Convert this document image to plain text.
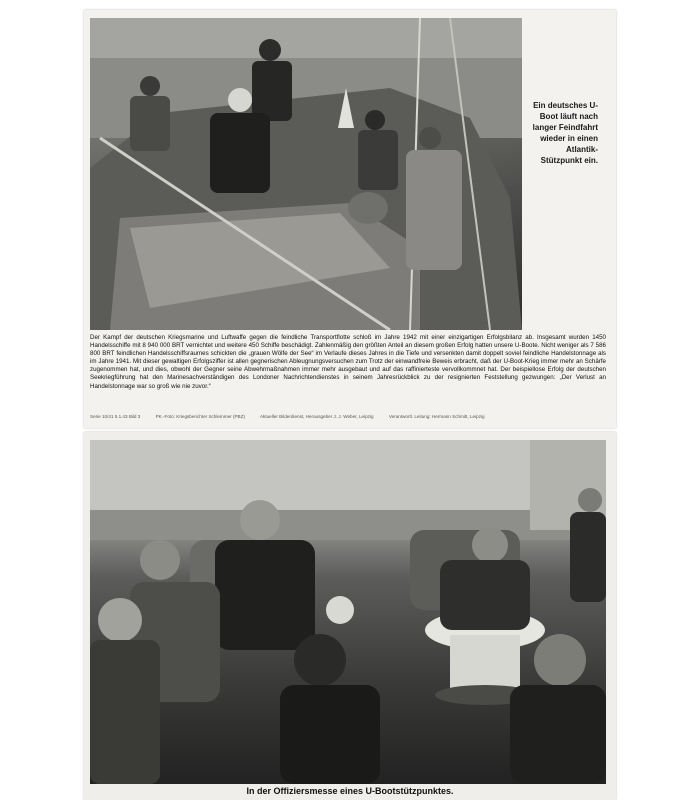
Ein deutsches U-Boot läuft nach langer Feindfahrt wieder in einen Atlantik-Stützpunkt ein.
Der Kampf der deutschen Kriegsmarine und Luftwaffe gegen die feindliche Transportflotte schloß im Jahre 1942 mit einer einzigartigen Erfolgsbilanz ab. Insgesamt wurden 1450 Handelsschiffe mit 8 940 000 BRT vernichtet und weitere 450 Schiffe beschädigt. Zahlenmäßig den größten Anteil an diesem großen Erfolg hatten unsere U-Boote. Nicht weniger als 7 586 800 BRT feindlichen Handelsschiffsraumes schickten die „grauen Wölfe der See“ im Verlaufe dieses Jahres in die Tiefe und versenkten damit doppelt soviel feindliche Handelstonnage als im Jahre 1941. Mit dieser gewaltigen Erfolgsziffer ist allen gegnerischen Ableugnungsversuchen zum Trotz der einwandfreie Beweis erbracht, daß der U-Boot-Krieg immer mehr an Schärfe zugenommen hat, und dies, obwohl der Gegner seine Abwehrmaßnahmen immer mehr ausgebaut und auf das raffinierteste vervollkommnet hat. Der beispiellose Erfolg der deutschen Seekriegführung hat den Marinesachverständigen des Londoner Nachrichtendienstes in seinem Jahresrückblick zu der resignierten Feststellung gezwungen: „Der Verlust an Handelstonnage war so groß wie nie zuvor.“
Serie 10/41 5.1.43 Bild 3	PK.-Foto: Kriegsberichter Schlemmer (PBZ)	Aktueller Bilderdienst, Herausgeber J. J. Weber, Leipzig	Verantwortl. Leitung: Hermann Schmitt, Leipzig
In der Offiziersmesse eines U-Bootstützpunktes.
